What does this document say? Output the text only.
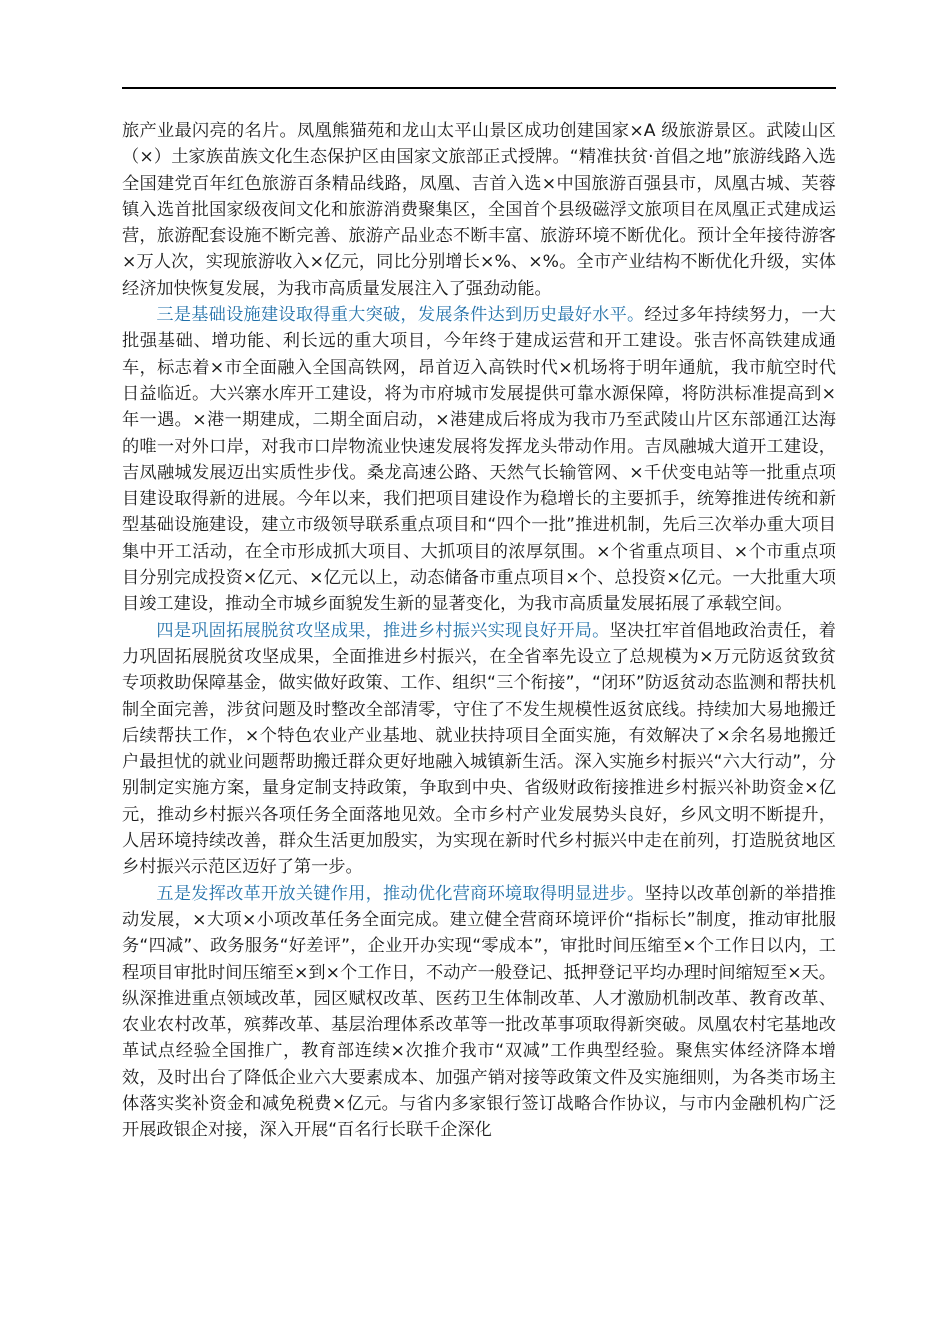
旅产业最闪亮的名片。凤凰熊猫苑和龙山太平山景区成功创建国家×A 级旅游景区。武陵山区（×）土家族苗族文化生态保护区由国家文旅部正式授牌。“精准扶贫·首倡之地”旅游线路入选全国建党百年红色旅游百条精品线路，凤凰、吉首入选×中国旅游百强县市，凤凰古城、芙蓉镇入选首批国家级夜间文化和旅游消费聚集区，全国首个县级磁浮文旅项目在凤凰正式建成运营，旅游配套设施不断完善、旅游产品业态不断丰富、旅游环境不断优化。预计全年接待游客×万人次，实现旅游收入×亿元，同比分别增长×%、×%。全市产业结构不断优化升级，实体经济加快恢复发展，为我市高质量发展注入了强劲动能。

三是基础设施建设取得重大突破，发展条件达到历史最好水平。经过多年持续努力，一大批强基础、增功能、利长远的重大项目，今年终于建成运营和开工建设。张吉怀高铁建成通车，标志着×市全面融入全国高铁网，昂首迈入高铁时代×机场将于明年通航，我市航空时代日益临近。大兴寨水库开工建设，将为市府城市发展提供可靠水源保障，将防洪标准提高到×年一遇。×港一期建成，二期全面启动，×港建成后将成为我市乃至武陵山片区东部通江达海的唯一对外口岸，对我市口岸物流业快速发展将发挥龙头带动作用。吉凤融城大道开工建设，吉凤融城发展迈出实质性步伐。桑龙高速公路、天然气长输管网、×千伏变电站等一批重点项目建设取得新的进展。今年以来，我们把项目建设作为稳增长的主要抓手，统筹推进传统和新型基础设施建设，建立市级领导联系重点项目和“四个一批”推进机制，先后三次举办重大项目集中开工活动，在全市形成抓大项目、大抓项目的浓厚氛围。×个省重点项目、×个市重点项目分别完成投资×亿元、×亿元以上，动态储备市重点项目×个、总投资×亿元。一大批重大项目竣工建设，推动全市城乡面貌发生新的显著变化，为我市高质量发展拓展了承载空间。

四是巩固拓展脱贫攻坚成果，推进乡村振兴实现良好开局。坚决扛牢首倡地政治责任，着力巩固拓展脱贫攻坚成果，全面推进乡村振兴，在全省率先设立了总规模为×万元防返贫致贫专项救助保障基金，做实做好政策、工作、组织“三个衔接”，“闭环”防返贫动态监测和帮扶机制全面完善，涉贫问题及时整改全部清零，守住了不发生规模性返贫底线。持续加大易地搬迁后续帮扶工作，×个特色农业产业基地、就业扶持项目全面实施，有效解决了×余名易地搬迁户最担忧的就业问题帮助搬迁群众更好地融入城镇新生活。深入实施乡村振兴“六大行动”，分别制定实施方案，量身定制支持政策，争取到中央、省级财政衔接推进乡村振兴补助资金×亿元，推动乡村振兴各项任务全面落地见效。全市乡村产业发展势头良好，乡风文明不断提升，人居环境持续改善，群众生活更加殷实，为实现在新时代乡村振兴中走在前列，打造脱贫地区乡村振兴示范区迈好了第一步。

五是发挥改革开放关键作用，推动优化营商环境取得明显进步。坚持以改革创新的举措推动发展，×大项×小项改革任务全面完成。建立健全营商环境评价“指标长”制度，推动审批服务“四减”、政务服务“好差评”，企业开办实现“零成本”，审批时间压缩至×个工作日以内，工程项目审批时间压缩至×到×个工作日，不动产一般登记、抵押登记平均办理时间缩短至×天。纵深推进重点领域改革，园区赋权改革、医药卫生体制改革、人才激励机制改革、教育改革、农业农村改革，殡葬改革、基层治理体系改革等一批改革事项取得新突破。凤凰农村宅基地改革试点经验全国推广，教育部连续×次推介我市“双减”工作典型经验。聚焦实体经济降本增效，及时出台了降低企业六大要素成本、加强产销对接等政策文件及实施细则，为各类市场主体落实奖补资金和减免税费×亿元。与省内多家银行签订战略合作协议，与市内金融机构广泛开展政银企对接，深入开展“百名行长联千企深化
